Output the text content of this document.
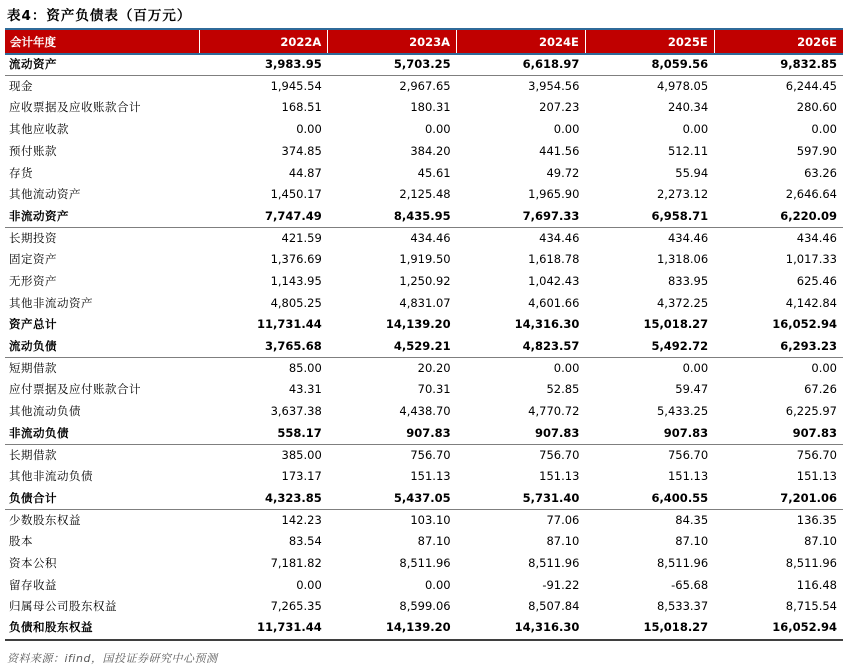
表4：资产负债表（百万元）
会计年度	2022A	2023A	2024E	2025E	2026E
流动资产	3,983.95	5,703.25	6,618.97	8,059.56	9,832.85
现金	1,945.54	2,967.65	3,954.56	4,978.05	6,244.45
应收票据及应收账款合计	168.51	180.31	207.23	240.34	280.60
其他应收款	0.00	0.00	0.00	0.00	0.00
预付账款	374.85	384.20	441.56	512.11	597.90
存货	44.87	45.61	49.72	55.94	63.26
其他流动资产	1,450.17	2,125.48	1,965.90	2,273.12	2,646.64
非流动资产	7,747.49	8,435.95	7,697.33	6,958.71	6,220.09
长期投资	421.59	434.46	434.46	434.46	434.46
固定资产	1,376.69	1,919.50	1,618.78	1,318.06	1,017.33
无形资产	1,143.95	1,250.92	1,042.43	833.95	625.46
其他非流动资产	4,805.25	4,831.07	4,601.66	4,372.25	4,142.84
资产总计	11,731.44	14,139.20	14,316.30	15,018.27	16,052.94
流动负债	3,765.68	4,529.21	4,823.57	5,492.72	6,293.23
短期借款	85.00	20.20	0.00	0.00	0.00
应付票据及应付账款合计	43.31	70.31	52.85	59.47	67.26
其他流动负债	3,637.38	4,438.70	4,770.72	5,433.25	6,225.97
非流动负债	558.17	907.83	907.83	907.83	907.83
长期借款	385.00	756.70	756.70	756.70	756.70
其他非流动负债	173.17	151.13	151.13	151.13	151.13
负债合计	4,323.85	5,437.05	5,731.40	6,400.55	7,201.06
少数股东权益	142.23	103.10	77.06	84.35	136.35
股本	83.54	87.10	87.10	87.10	87.10
资本公积	7,181.82	8,511.96	8,511.96	8,511.96	8,511.96
留存收益	0.00	0.00	-91.22	-65.68	116.48
归属母公司股东权益	7,265.35	8,599.06	8,507.84	8,533.37	8,715.54
负债和股东权益	11,731.44	14,139.20	14,316.30	15,018.27	16,052.94
资料来源：ifind，国投证券研究中心预测
